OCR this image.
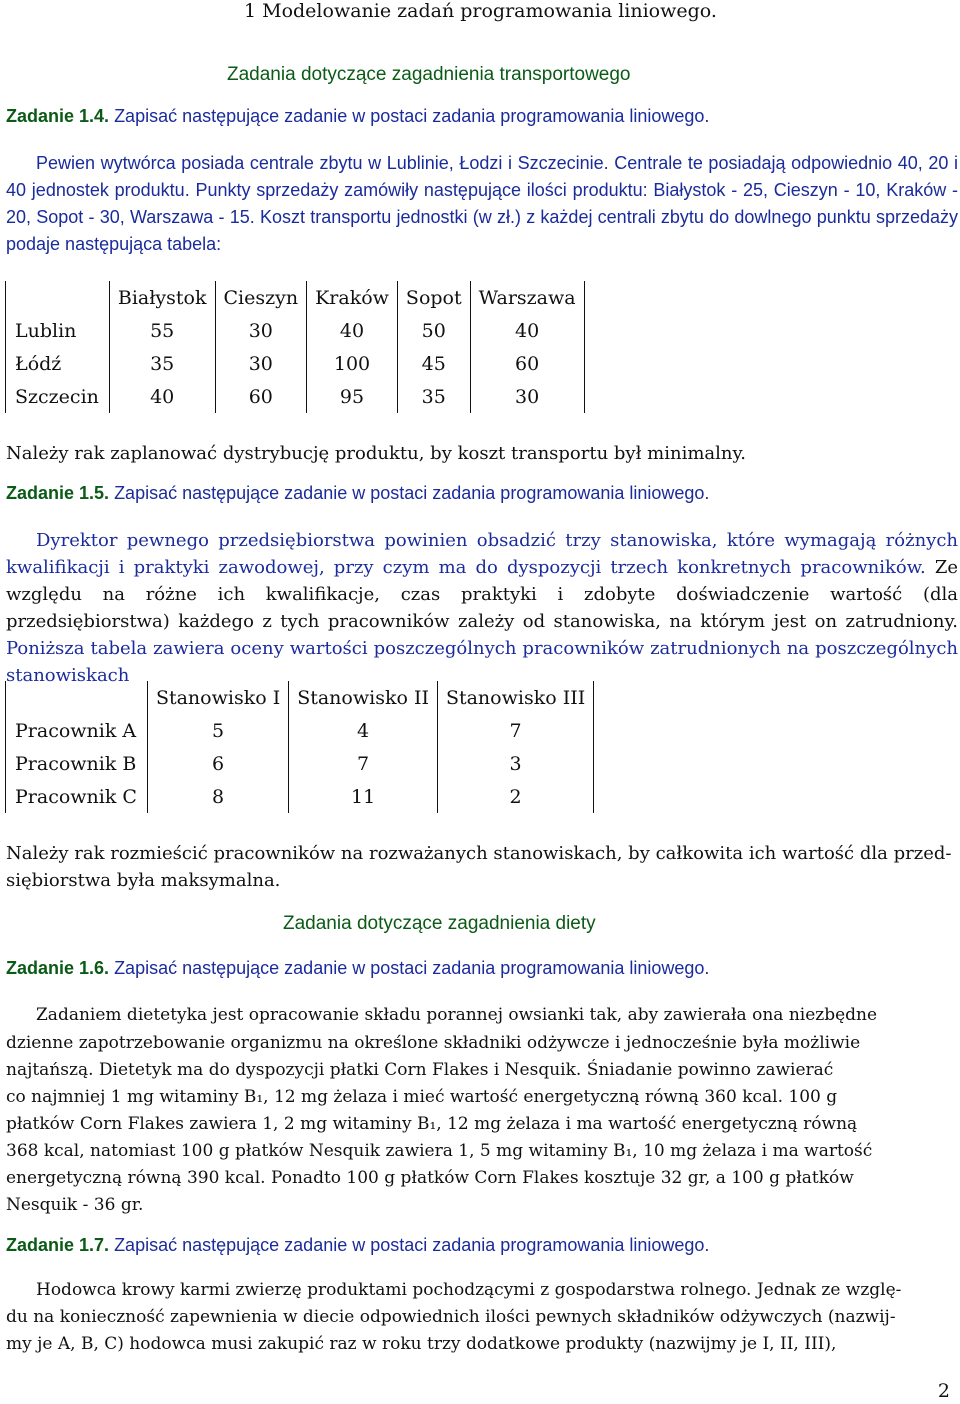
1 Modelowanie zadań programowania liniowego.
Zadania dotyczące zagadnienia transportowego
Zadanie 1.4. Zapisać następujące zadanie w postaci zadania programowania liniowego.
Pewien wytwórca posiada centrale zbytu w Lublinie, Łodzi i Szczecinie. Centrale te posiadają odpowiednio 40, 20 i 40 jednostek produktu. Punkty sprzedaży zamówiły następujące ilości produktu: Białystok - 25, Cieszyn - 10, Kraków - 20, Sopot - 30, Warszawa - 15. Koszt transportu jednostki (w zł.) z każdej centrali zbytu do dowlnego punktu sprzedaży podaje następująca tabela:
	Białystok	Cieszyn	Kraków	Sopot	Warszawa
Lublin	55	30	40	50	40
Łódź	35	30	100	45	60
Szczecin	40	60	95	35	30
Należy rak zaplanować dystrybucję produktu, by koszt transportu był minimalny.
Zadanie 1.5. Zapisać następujące zadanie w postaci zadania programowania liniowego.
Dyrektor pewnego przedsiębiorstwa powinien obsadzić trzy stanowiska, które wymagają różnych kwalifikacji i praktyki zawodowej, przy czym ma do dyspozycji trzech konkretnych pracowników. Ze względu na różne ich kwalifikacje, czas praktyki i zdobyte doświadczenie wartość (dla przedsiębiorstwa) każdego z tych pracowników zależy od stanowiska, na którym jest on zatrudniony. Poniższa tabela zawiera oceny wartości poszczególnych pracowników zatrudnionych na poszczególnych stanowiskach
	Stanowisko I	Stanowisko II	Stanowisko III
Pracownik A	5	4	7
Pracownik B	6	7	3
Pracownik C	8	11	2
Należy rak rozmieścić pracowników na rozważanych stanowiskach, by całkowita ich wartość dla przed-
siębiorstwa była maksymalna.
Zadania dotyczące zagadnienia diety
Zadanie 1.6. Zapisać następujące zadanie w postaci zadania programowania liniowego.
Zadaniem dietetyka jest opracowanie składu porannej owsianki tak, aby zawierała ona niezbędne
dzienne zapotrzebowanie organizmu na określone składniki odżywcze i jednocześnie była możliwie
najtańszą. Dietetyk ma do dyspozycji płatki Corn Flakes i Nesquik. Śniadanie powinno zawierać
co najmniej 1 mg witaminy B₁, 12 mg żelaza i mieć wartość energetyczną równą 360 kcal. 100 g
płatków Corn Flakes zawiera 1, 2 mg witaminy B₁, 12 mg żelaza i ma wartość energetyczną równą
368 kcal, natomiast 100 g płatków Nesquik zawiera 1, 5 mg witaminy B₁, 10 mg żelaza i ma wartość
energetyczną równą 390 kcal. Ponadto 100 g płatków Corn Flakes kosztuje 32 gr, a 100 g płatków
Nesquik - 36 gr.
Zadanie 1.7. Zapisać następujące zadanie w postaci zadania programowania liniowego.
Hodowca krowy karmi zwierzę produktami pochodzącymi z gospodarstwa rolnego. Jednak ze wzglę-
du na konieczność zapewnienia w diecie odpowiednich ilości pewnych składników odżywczych (nazwij-
my je A, B, C) hodowca musi zakupić raz w roku trzy dodatkowe produkty (nazwijmy je I, II, III),
2
